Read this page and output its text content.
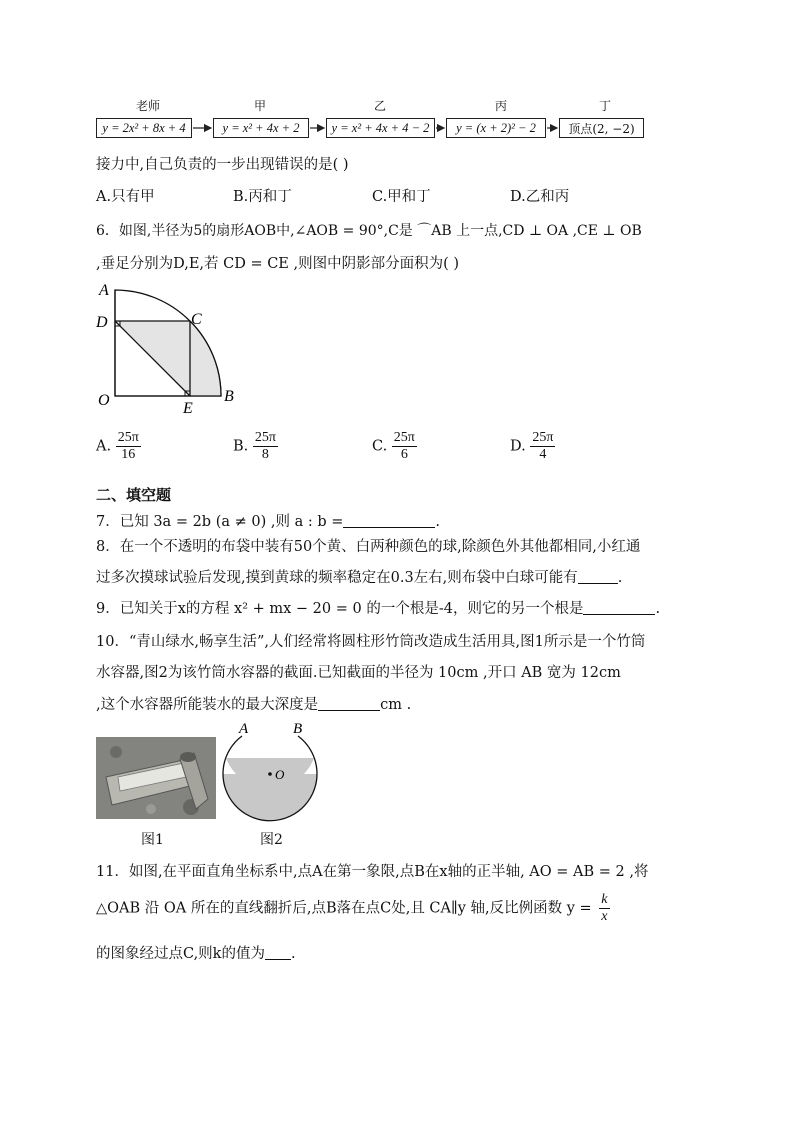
老师	甲	乙	丙	丁
y = 2x² + 8x + 4	y = x² + 4x + 2	y = x² + 4x + 4 − 2	y = (x + 2)² − 2	顶点(2, −2)
接力中,自己负责的一步出现错误的是( )
A.只有甲	B.丙和丁	C.甲和丁	D.乙和丙
6．如图,半径为5的扇形AOB中,∠AOB = 90°,C是 ⌒AB 上一点,CD ⊥ OA ,CE ⊥ OB
,垂足分别为D,E,若 CD = CE ,则图中阴影部分面积为( )
A
D	C
O	E
B
A. $\frac{25\pi}{16}$	B. $\frac{25\pi}{8}$	C. $\frac{25\pi}{6}$	D. $\frac{25\pi}{4}$
二、填空题
7．已知 3a = 2b (a ≠ 0) ,则 a : b =	.
8．在一个不透明的布袋中装有50个黄、白两种颜色的球,除颜色外其他都相同,小红通
过多次摸球试验后发现,摸到黄球的频率稳定在0.3左右,则布袋中白球可能有	.
9．已知关于x的方程 x² + mx − 20 = 0 的一个根是-4，则它的另一个根是	.
10．“青山绿水,畅享生活”,人们经常将圆柱形竹筒改造成生活用具,图1所示是一个竹筒
水容器,图2为该竹筒水容器的截面.已知截面的半径为 10cm ,开口 AB 宽为 12cm
,这个水容器所能装水的最大深度是	cm .
图1
A	B
O
图2
11．如图,在平面直角坐标系中,点A在第一象限,点B在x轴的正半轴, AO = AB = 2 ,将
△OAB 沿 OA 所在的直线翻折后,点B落在点C处,且 CA∥y 轴,反比例函数 $y = \frac{k}{x}$
的图象经过点C,则k的值为 .
